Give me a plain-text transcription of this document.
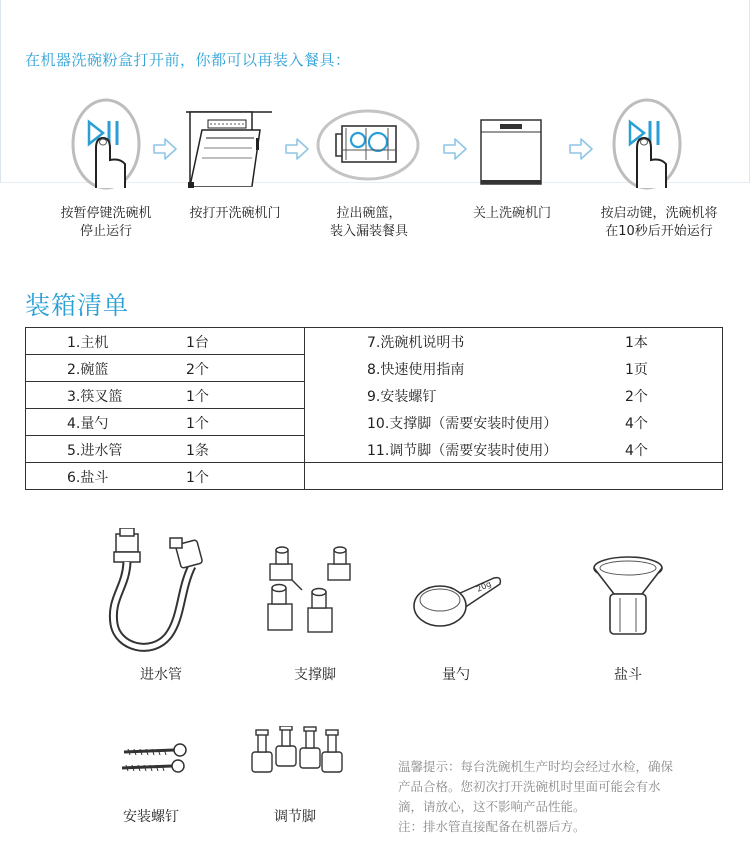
在机器洗碗粉盒打开前，你都可以再装入餐具：
按暂停键洗碗机
停止运行
按打开洗碗机门	拉出碗篮，
装入漏装餐具
关上洗碗机门	按启动键，洗碗机将
在10秒后开始运行
装箱清单
1.主机 1台	7.洗碗机说明书 1本

2.碗篮 2个	8.快速使用指南 1页

3.筷叉篮 1个	9.安装螺钉 2个

4.量勺 1个	10.支撑脚（需要安装时使用） 4个

5.进水管 1条	11.调节脚（需要安装时使用） 4个

6.盐斗 1个	

进水管	支撑脚
20g
量勺	盐斗
安装螺钉	调节脚
温馨提示：每台洗碗机生产时均会经过水检，确保
产品合格。您初次打开洗碗机时里面可能会有水
滴，请放心，这不影响产品性能。
注：排水管直接配备在机器后方。
